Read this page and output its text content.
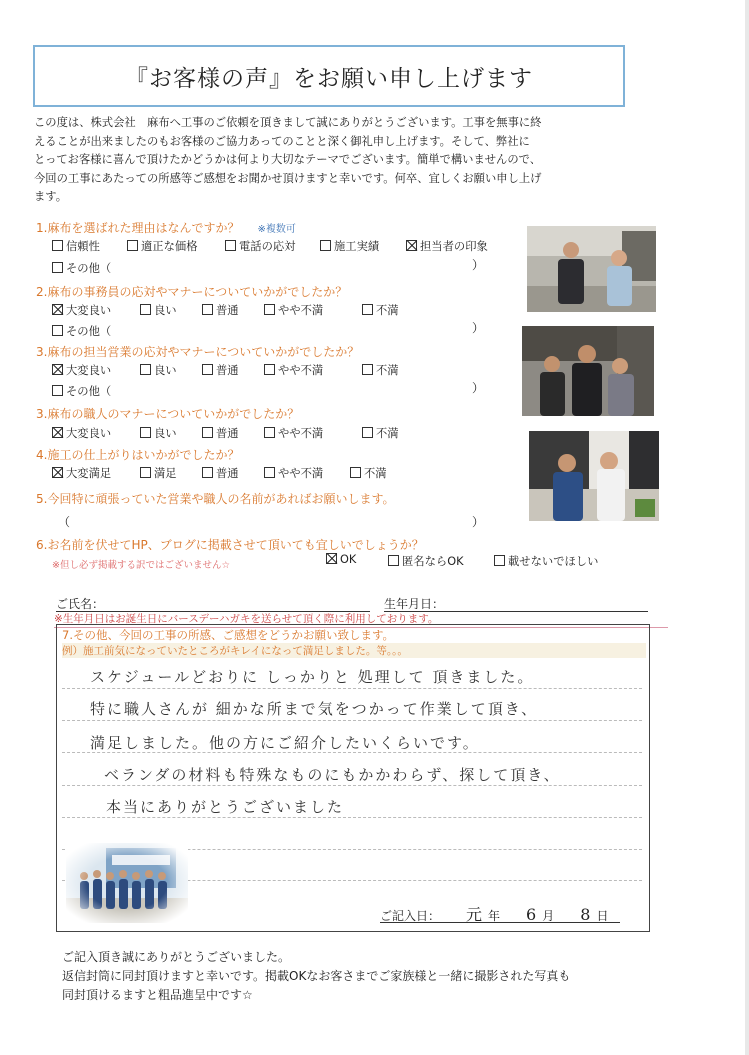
『お客様の声』をお願い申し上げます

この度は、株式会社　麻布へ工事のご依頼を頂きまして誠にありがとうございます。工事を無事に終

えることが出来ましたのもお客様のご協力あってのことと深く御礼申し上げます。そして、弊社に

とってお客様に喜んで頂けたかどうかは何より大切なテーマでございます。簡単で構いませんので、

今回の工事にあたっての所感等ご感想をお聞かせ頂けますと幸いです。何卒、宜しくお願い申し上げ

ます。

1.麻布を選ばれた理由はなんですか？ ※複数可
信頼性	適正な価格	電話の応対	施工実績	担当者の印象
その他（	）
2.麻布の事務員の応対やマナーについていかがでしたか？
大変良い	良い	普通	やや不満	不満
その他（	）
3.麻布の担当営業の応対やマナーについていかがでしたか？
大変良い	良い	普通	やや不満	不満
その他（	）
3.麻布の職人のマナーについていかがでしたか？
大変良い	良い	普通	やや不満	不満
4.施工の仕上がりはいかがでしたか？
大変満足	満足	普通	やや不満	不満
5.今回特に頑張っていた営業や職人の名前があればお願いします。
（	）
6.お名前を伏せてHP、ブログに掲載させて頂いても宜しいでしょうか？
※但し必ず掲載する訳ではございません☆	OK	匿名ならOK	載せないでほしい
ご氏名：	生年月日：
※生年月日はお誕生日にバースデーハガキを送らせて頂く際に利用しております。
7.その他、今回の工事の所感、ご感想をどうかお願い致します。
例）施工前気になっていたところがキレイになって満足しました。等。。。
スケジュールどおりに しっかりと 処理して 頂きました。
特に職人さんが 細かな所まで気をつかって作業して頂き、
満足しました。他の方にご紹介したいくらいです。
ベランダの材料も特殊なものにもかかわらず、探して頂き、
本当にありがとうございました
ご記入日： 元 年 6 月 8 日

ご記入頂き誠にありがとうございました。

返信封筒に同封頂けますと幸いです。掲載OKなお客さまでご家族様と一緒に撮影された写真も

同封頂けるますと粗品進呈中です☆
